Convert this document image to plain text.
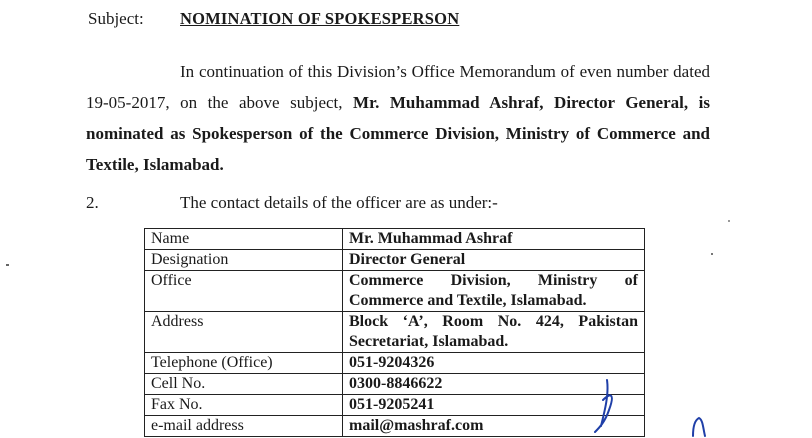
Subject: NOMINATION OF SPOKESPERSON
In continuation of this Division’s Office Memorandum of even number dated 19-05-2017, on the above subject, Mr. Muhammad Ashraf, Director General, is nominated as Spokesperson of the Commerce Division, Ministry of Commerce and Textile, Islamabad.
2.	The contact details of the officer are as under:-
Name	Mr. Muhammad Ashraf
Designation	Director General
Office	Commerce Division, Ministry of Commerce and Textile, Islamabad.
Address	Block ‘A’, Room No. 424, Pakistan Secretariat, Islamabad.
Telephone (Office)	051-9204326
Cell No.	0300-8846622
Fax No.	051-9205241
e-mail address	mail@mashraf.com
